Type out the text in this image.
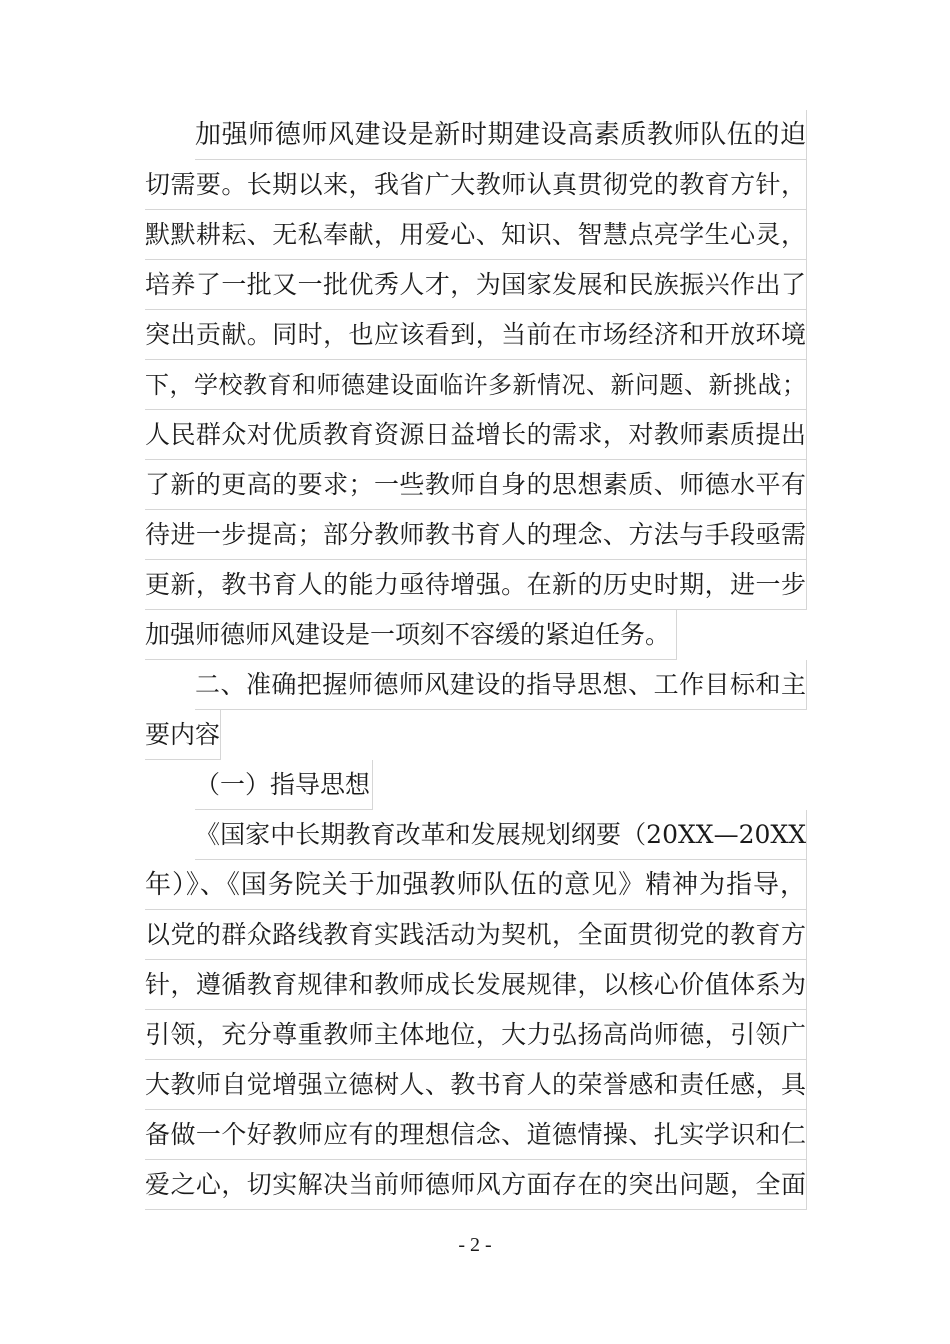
加强师德师风建设是新时期建设高素质教师队伍的迫
切需要。长期以来，我省广大教师认真贯彻党的教育方针，
默默耕耘、无私奉献，用爱心、知识、智慧点亮学生心灵，
培养了一批又一批优秀人才，为国家发展和民族振兴作出了
突出贡献。同时，也应该看到，当前在市场经济和开放环境
下，学校教育和师德建设面临许多新情况、新问题、新挑战；
人民群众对优质教育资源日益增长的需求，对教师素质提出
了新的更高的要求；一些教师自身的思想素质、师德水平有
待进一步提高；部分教师教书育人的理念、方法与手段亟需
更新，教书育人的能力亟待增强。在新的历史时期，进一步
加强师德师风建设是一项刻不容缓的紧迫任务。
二、准确把握师德师风建设的指导思想、工作目标和主
要内容
（一）指导思想
《国家中长期教育改革和发展规划纲要（20XX—20XX
年）》、《国务院关于加强教师队伍的意见》精神为指导，
以党的群众路线教育实践活动为契机，全面贯彻党的教育方
针，遵循教育规律和教师成长发展规律，以核心价值体系为
引领，充分尊重教师主体地位，大力弘扬高尚师德，引领广
大教师自觉增强立德树人、教书育人的荣誉感和责任感，具
备做一个好教师应有的理想信念、道德情操、扎实学识和仁
爱之心，切实解决当前师德师风方面存在的突出问题，全面
- 2 -
